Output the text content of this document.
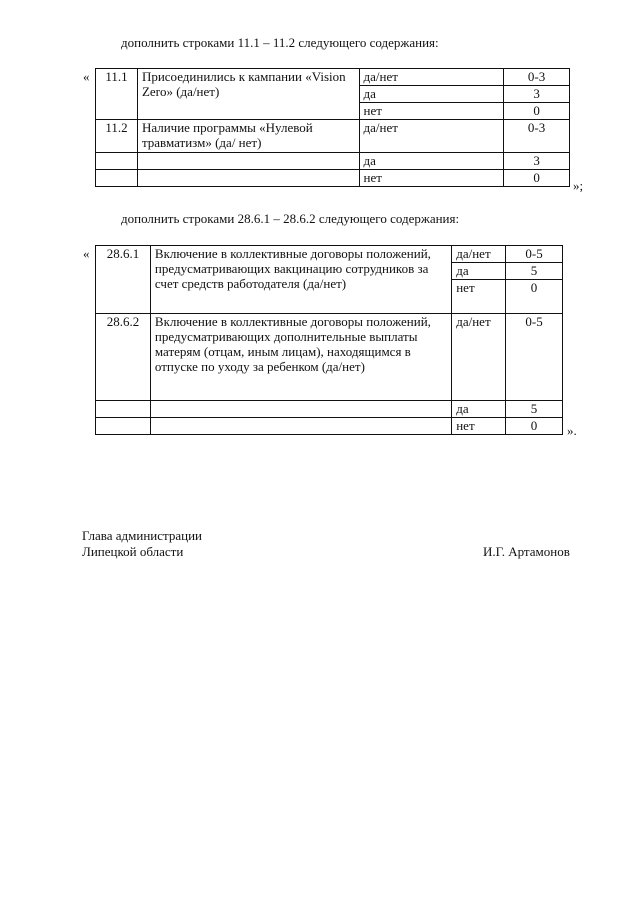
дополнить строками 11.1 – 11.2 следующего содержания:
« 11.1	Присоединились к кампании «Vision Zero» (да/нет)	да/нет	0-3
		да	3
		нет	0
11.2	Наличие программы «Нулевой травматизм» (да/ нет)	да/нет	0-3
		да	3
		нет	0
»;
дополнить строками 28.6.1 – 28.6.2 следующего содержания:
« 28.6.1	Включение в коллективные договоры положений, предусматривающих вакцинацию сотрудников за счет средств работодателя (да/нет)	да/нет	0-5
		да	5
		нет	0
28.6.2	Включение в коллективные договоры положений, предусматривающих дополнительные выплаты матерям (отцам, иным лицам), находящимся в отпуске по уходу за ребенком (да/нет)	да/нет	0-5
		да	5
		нет	0 ».
Глава администрации
Липецкой области	И.Г. Артамонов
